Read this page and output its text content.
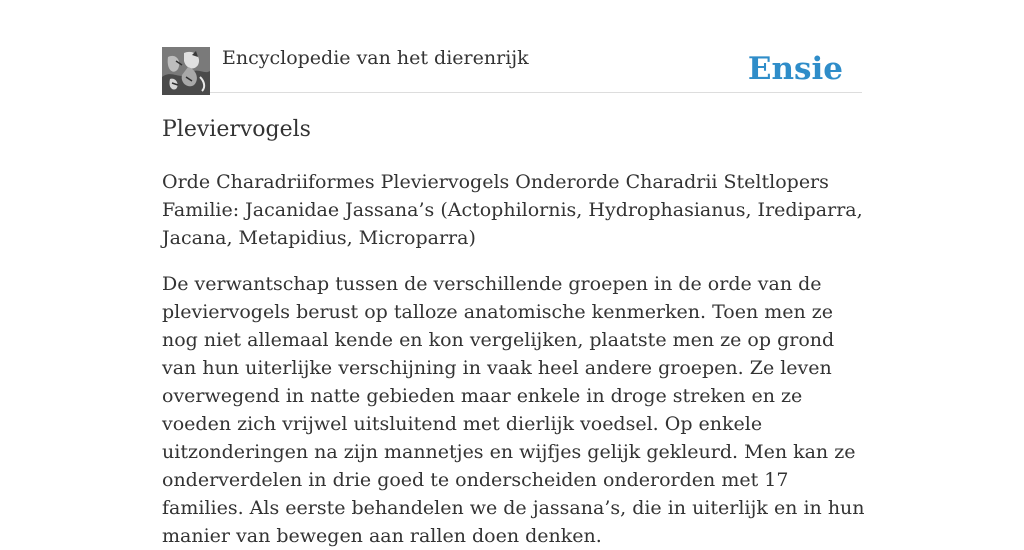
Encyclopedie van het dierenrijk	Ensie
Pleviervogels

Orde Charadriiformes Pleviervogels Onderorde Charadrii Steltlopers Familie: Jacanidae Jassana’s (Actophilornis, Hydrophasianus, Irediparra, Jacana, Metapidius, Microparra)

De verwantschap tussen de verschillende groepen in de orde van de pleviervogels berust op talloze anatomische kenmerken. Toen men ze nog niet allemaal kende en kon vergelijken, plaatste men ze op grond van hun uiterlijke verschijning in vaak heel andere groepen. Ze leven overwegend in natte gebieden maar enkele in droge streken en ze voeden zich vrijwel uitsluitend met dierlijk voedsel. Op enkele uitzonderingen na zijn mannetjes en wijfjes gelijk gekleurd. Men kan ze onderverdelen in drie goed te onderscheiden onderorden met 17 families. Als eerste behandelen we de jassana’s, die in uiterlijk en in hun manier van bewegen aan rallen doen denken.
